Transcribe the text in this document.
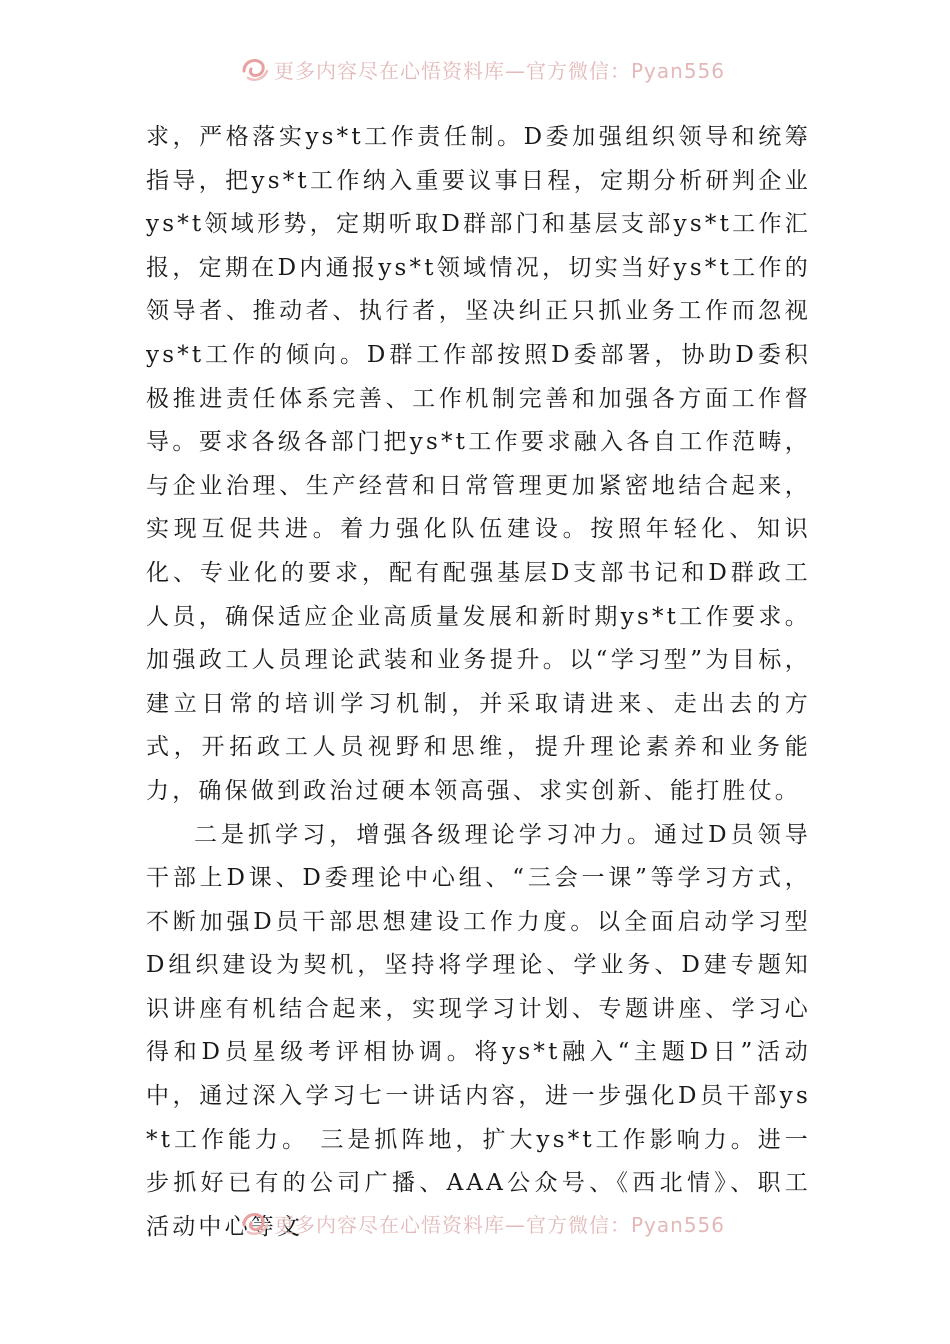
更多内容尽在心悟资料库—官方微信：Pyan556

求，严格落实ys*t工作责任制。D委加强组织领导和统筹指导，把ys*t工作纳入重要议事日程，定期分析研判企业ys*t领域形势，定期听取D群部门和基层支部ys*t工作汇报，定期在D内通报ys*t领域情况，切实当好ys*t工作的领导者、推动者、执行者，坚决纠正只抓业务工作而忽视ys*t工作的倾向。D群工作部按照D委部署，协助D委积极推进责任体系完善、工作机制完善和加强各方面工作督导。要求各级各部门把ys*t工作要求融入各自工作范畴，与企业治理、生产经营和日常管理更加紧密地结合起来，实现互促共进。着力强化队伍建设。按照年轻化、知识化、专业化的要求，配有配强基层D支部书记和D群政工人员，确保适应企业高质量发展和新时期ys*t工作要求。加强政工人员理论武装和业务提升。以“学习型”为目标，建立日常的培训学习机制，并采取请进来、走出去的方式，开拓政工人员视野和思维，提升理论素养和业务能力，确保做到政治过硬本领高强、求实创新、能打胜仗。

二是抓学习，增强各级理论学习冲力。通过D员领导干部上D课、D委理论中心组、“三会一课”等学习方式，不断加强D员干部思想建设工作力度。以全面启动学习型D组织建设为契机，坚持将学理论、学业务、D建专题知识讲座有机结合起来，实现学习计划、专题讲座、学习心得和D员星级考评相协调。将ys*t融入“主题D日”活动中，通过深入学习七一讲话内容，进一步强化D员干部ys*t工作能力。 三是抓阵地，扩大ys*t工作影响力。进一步抓好已有的公司广播、AAA公众号、《西北情》、职工活动中心等文

更多内容尽在心悟资料库—官方微信：Pyan556
